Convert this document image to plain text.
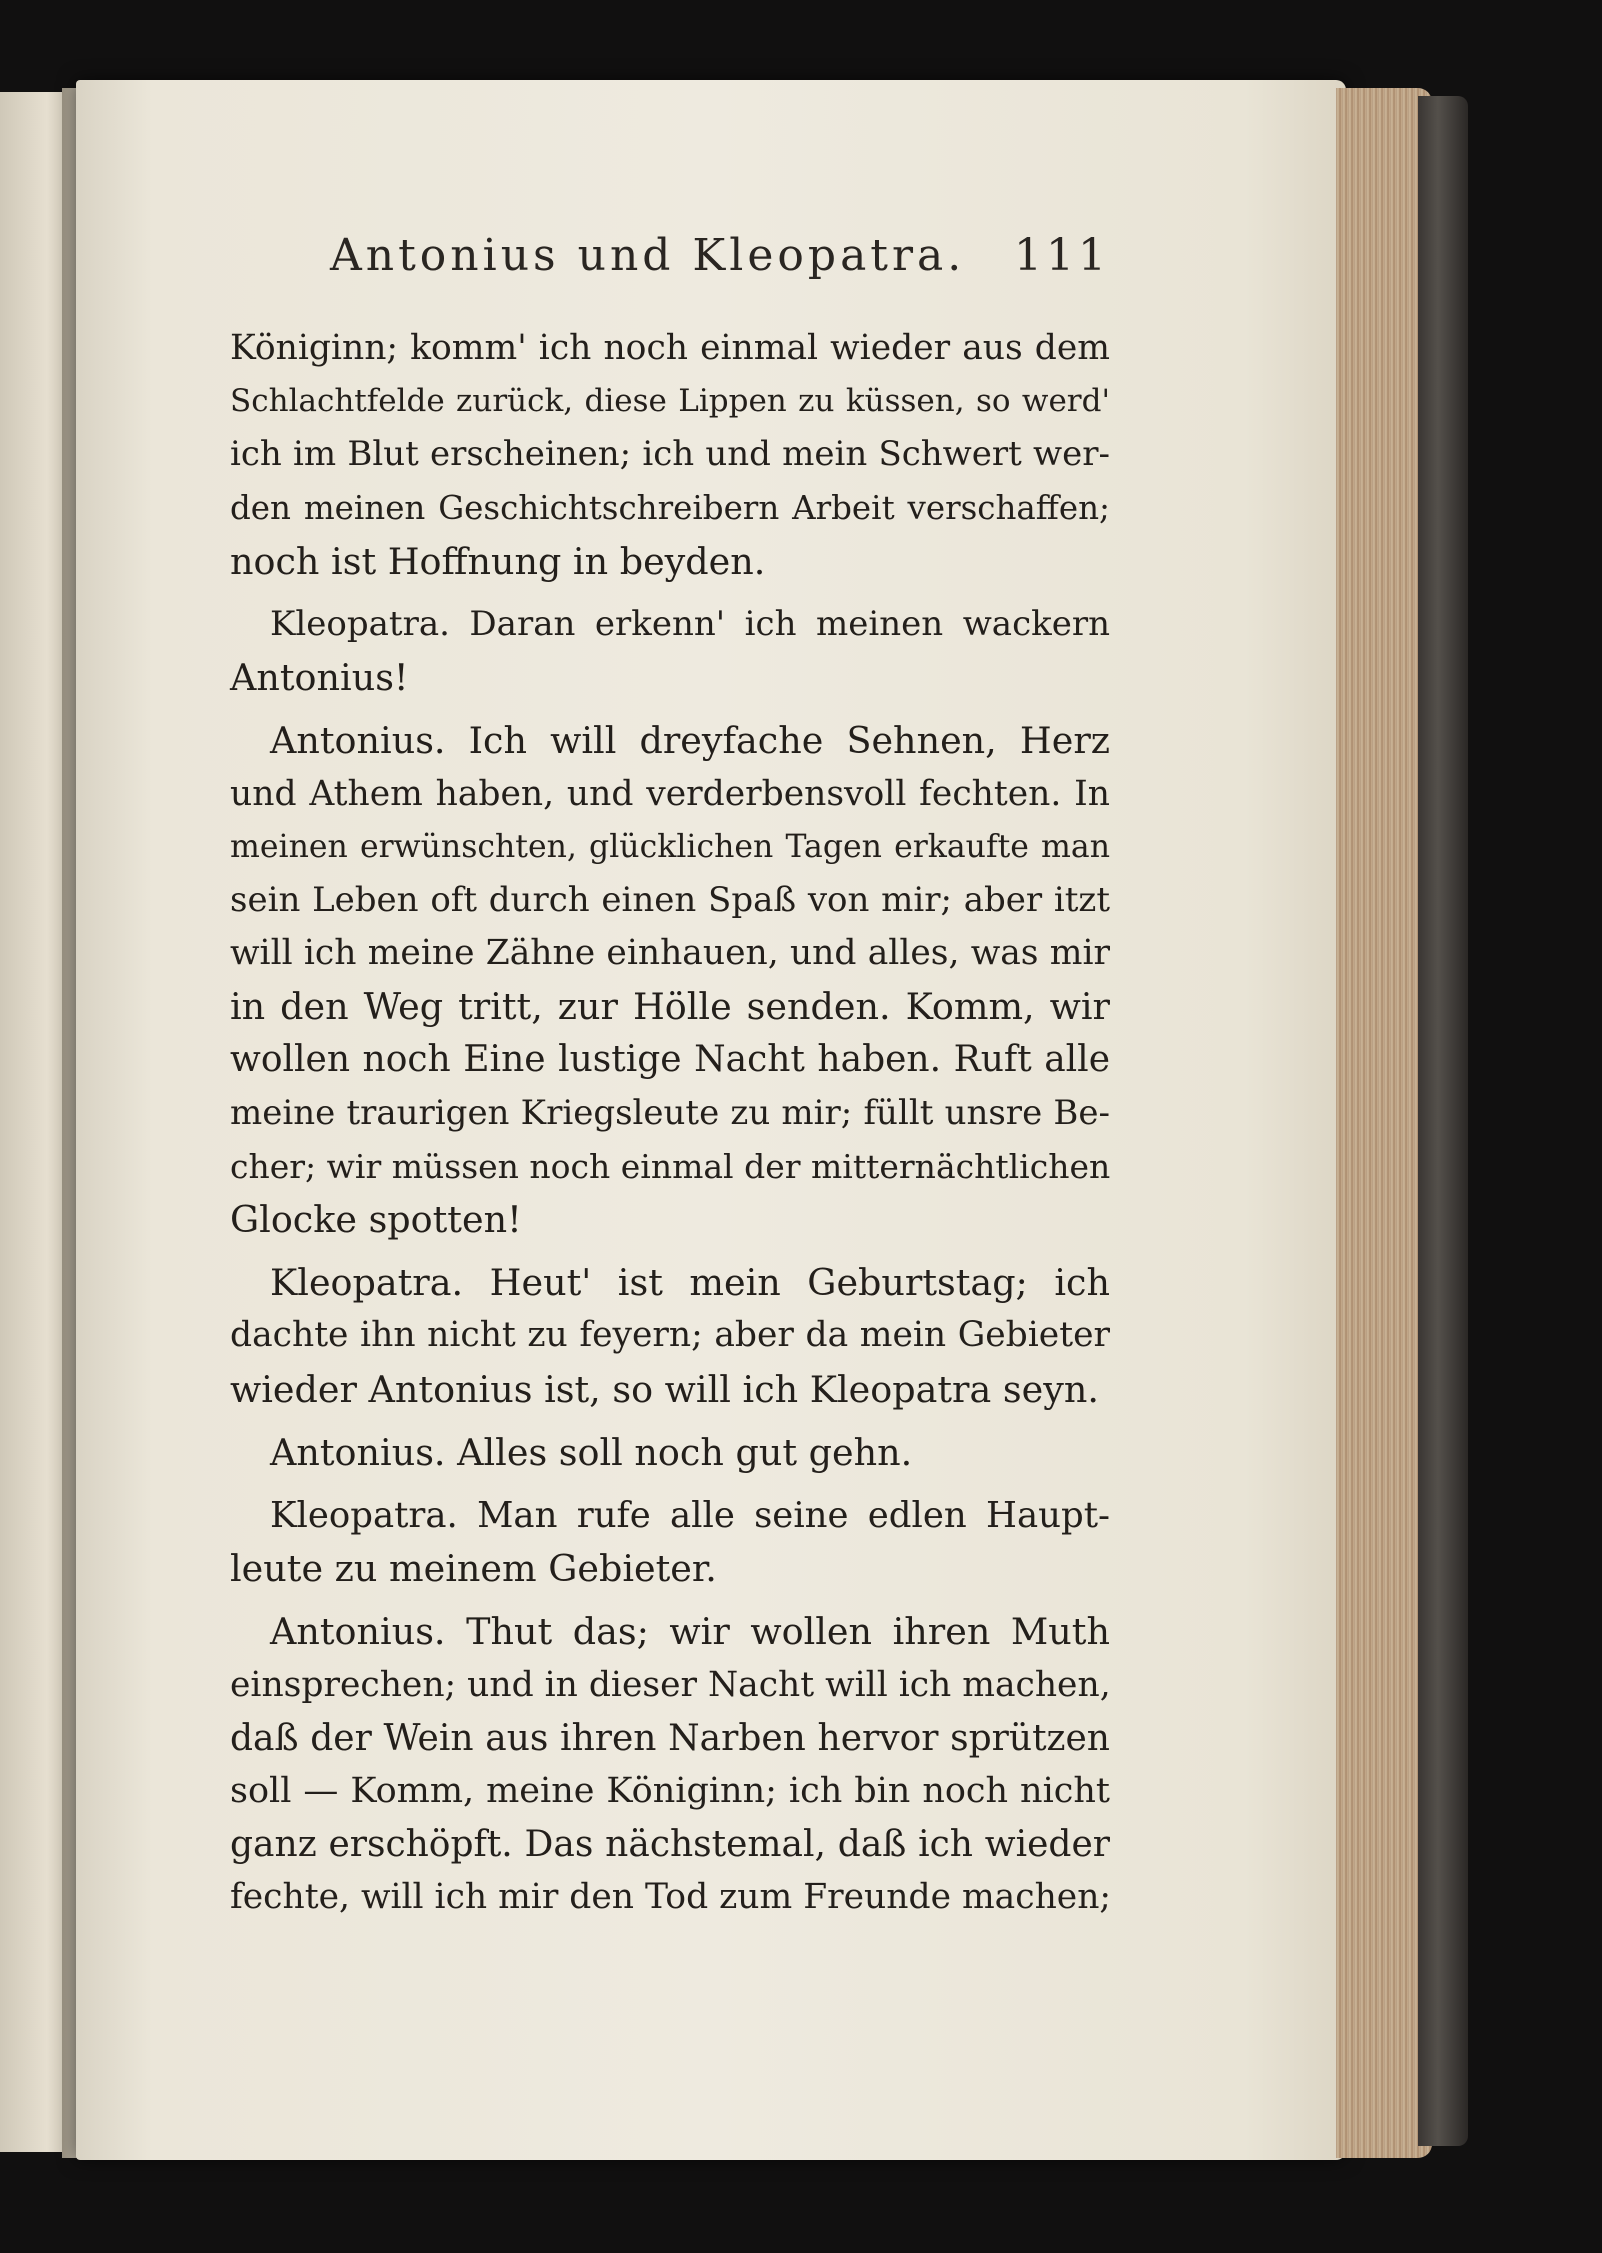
Antonius und Kleopatra. 111
Königinn; komm' ich noch einmal wieder aus dem
Schlachtfelde zurück, diese Lippen zu küssen, so werd'
ich im Blut erscheinen; ich und mein Schwert wer-
den meinen Geschichtschreibern Arbeit verschaffen;
noch ist Hoffnung in beyden.
Kleopatra. Daran erkenn' ich meinen wackern
Antonius!
Antonius. Ich will dreyfache Sehnen, Herz
und Athem haben, und verderbensvoll fechten. In
meinen erwünschten, glücklichen Tagen erkaufte man
sein Leben oft durch einen Spaß von mir; aber itzt
will ich meine Zähne einhauen, und alles, was mir
in den Weg tritt, zur Hölle senden. Komm, wir
wollen noch Eine lustige Nacht haben. Ruft alle
meine traurigen Kriegsleute zu mir; füllt unsre Be-
cher; wir müssen noch einmal der mitternächtlichen
Glocke spotten!
Kleopatra. Heut' ist mein Geburtstag; ich
dachte ihn nicht zu feyern; aber da mein Gebieter
wieder Antonius ist, so will ich Kleopatra seyn.
Antonius. Alles soll noch gut gehn.
Kleopatra. Man rufe alle seine edlen Haupt-
leute zu meinem Gebieter.
Antonius. Thut das; wir wollen ihren Muth
einsprechen; und in dieser Nacht will ich machen,
daß der Wein aus ihren Narben hervor sprützen
soll — Komm, meine Königinn; ich bin noch nicht
ganz erschöpft. Das nächstemal, daß ich wieder
fechte, will ich mir den Tod zum Freunde machen;
